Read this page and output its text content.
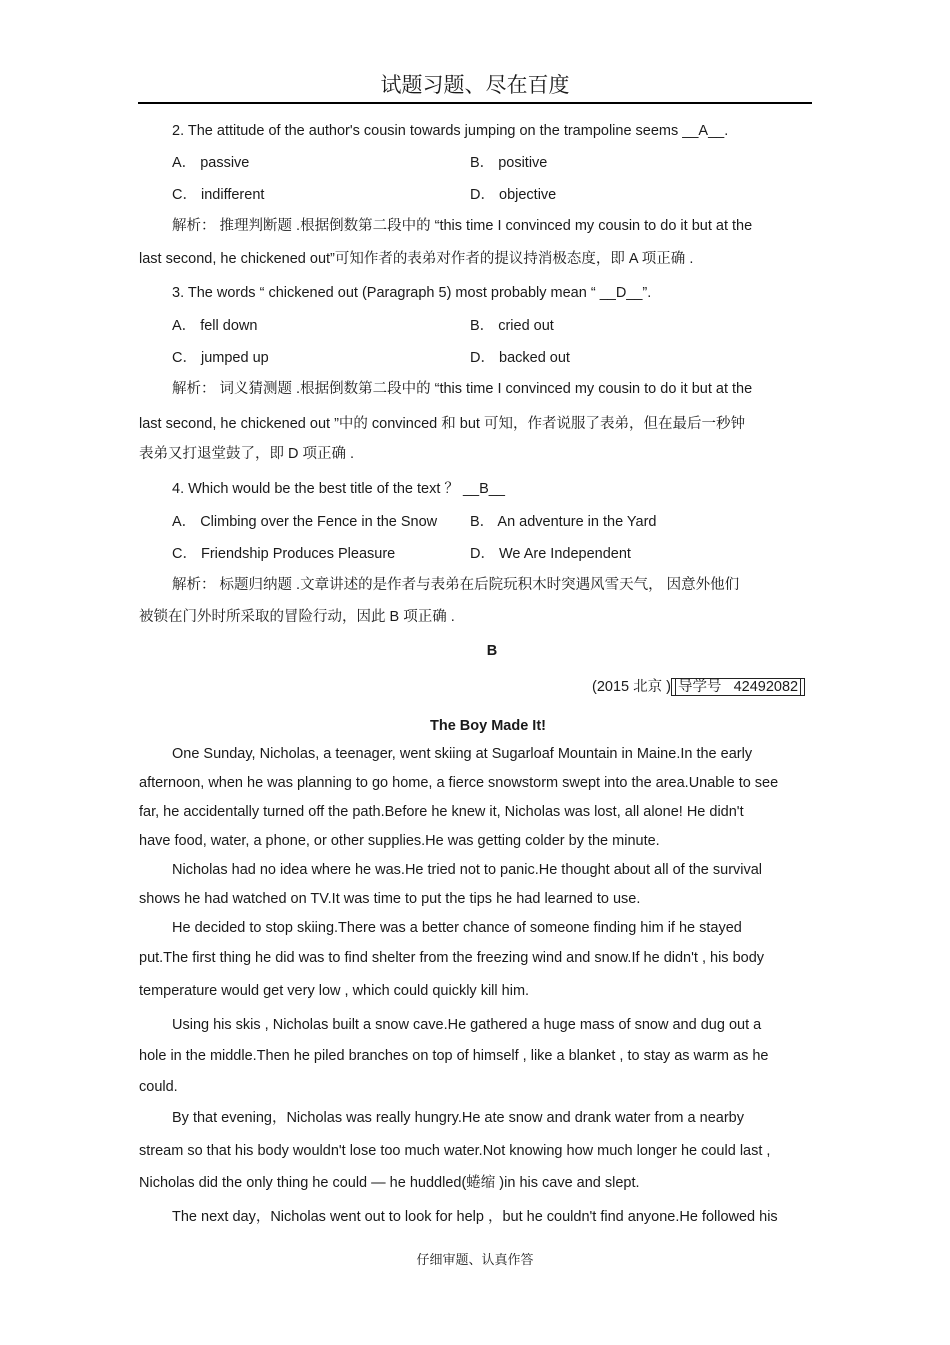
试题习题、尽在百度
2. The attitude of the author's cousin towards jumping on the trampoline seems __A__.
A． passive	B． positive
C． indifferent	D． objective
解析： 推理判断题 .根据倒数第二段中的 “this time I convinced my cousin to do it but at the
last second, he chickened out”可知作者的表弟对作者的提议持消极态度，即 A 项正确 .
3. The words “ chickened out (Paragraph 5) most probably mean “ __D__”.
A． fell down	B． cried out
C． jumped up	D． backed out
解析： 词义猜测题 .根据倒数第二段中的 “this time I convinced my cousin to do it but at the
last second, he chickened out ”中的 convinced 和 but 可知，作者说服了表弟，但在最后一秒钟
表弟又打退堂鼓了，即 D 项正确 .
4. Which would be the best title of the text ？ __B__
A． Climbing over the Fence in the Snow B． An adventure in the Yard
C． Friendship Produces Pleasure	D． We Are Independent
解析： 标题归纳题 .文章讲述的是作者与表弟在后院玩积木时突遇风雪天气， 因意外他们
被锁在门外时所采取的冒险行动，因此 B 项正确 .
B
(2015 北京 ) 导学号 42492082
The Boy Made It!
One Sunday, Nicholas, a teenager, went skiing at Sugarloaf Mountain in Maine.In the early
afternoon, when he was planning to go home, a fierce snowstorm swept into the area.Unable to see
far, he accidentally turned off the path.Before he knew it, Nicholas was lost, all alone! He didn't
have food, water, a phone, or other supplies.He was getting colder by the minute.
Nicholas had no idea where he was.He tried not to panic.He thought about all of the survival
shows he had watched on TV.It was time to put the tips he had learned to use.
He decided to stop skiing.There was a better chance of someone finding him if he stayed
put.The first thing he did was to find shelter from the freezing wind and snow.If he didn't , his body
temperature would get very low , which could quickly kill him.
Using his skis , Nicholas built a snow cave.He gathered a huge mass of snow and dug out a
hole in the middle.Then he piled branches on top of himself , like a blanket , to stay as warm as he
could.
By that evening，Nicholas was really hungry.He ate snow and drank water from a nearby
stream so that his body wouldn't lose too much water.Not knowing how much longer he could last ,
Nicholas did the only thing he could — he huddled(蜷缩 )in his cave and slept.
The next day，Nicholas went out to look for help ，but he couldn't find anyone.He followed his
仔细审题、认真作答
